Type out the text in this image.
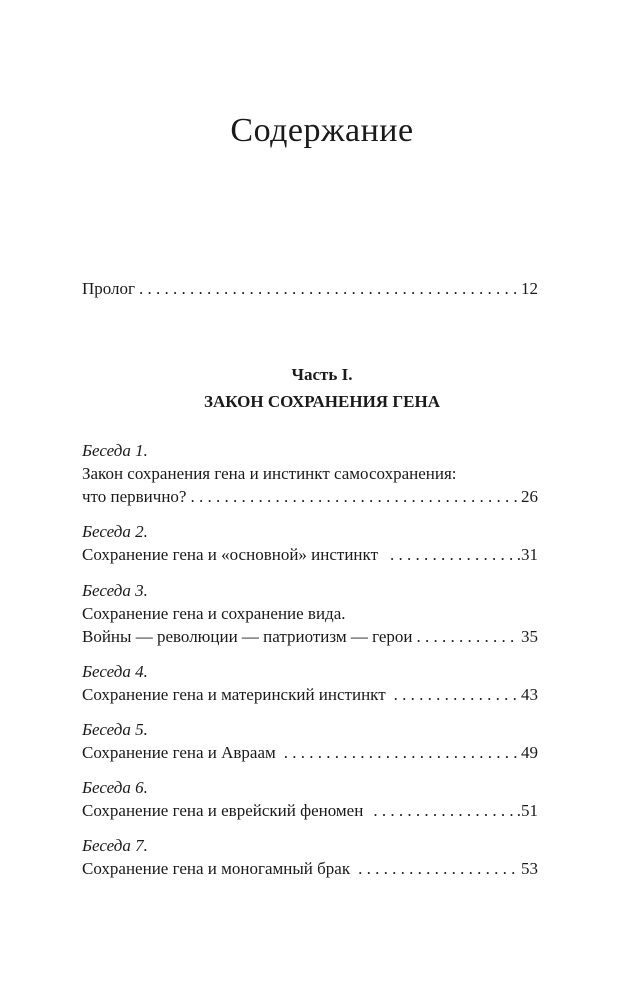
Содержание
Пролог . . .	12
Часть I.
ЗАКОН СОХРАНЕНИЯ ГЕНА
Беседа 1.
Закон сохранения гена и инстинкт самосохранения:
что первично? . . .	26
Беседа 2.
Сохранение гена и «основной» инстинкт . . .	.31
Беседа 3.
Сохранение гена и сохранение вида.
Войны — революции — патриотизм — герои . . .	35
Беседа 4.
Сохранение гена и материнский инстинкт . . .	43
Беседа 5.
Сохранение гена и Авраам . . .	49
Беседа 6.
Сохранение гена и еврейский феномен . . .	.51
Беседа 7.
Сохранение гена и моногамный брак . . .	53
